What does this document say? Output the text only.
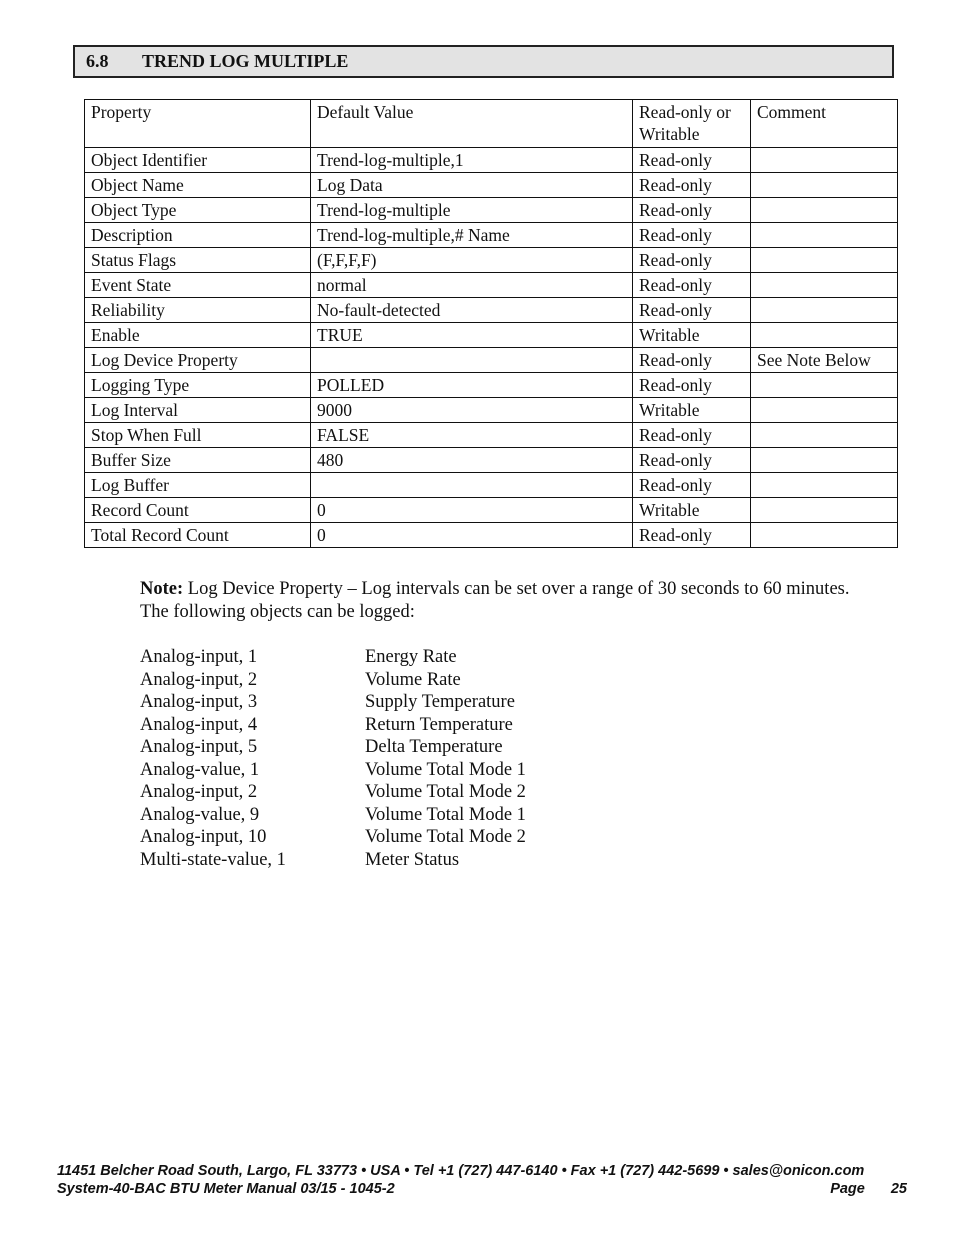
6.8	TREND LOG MULTIPLE
Property	Default Value	Read-only or Writable	Comment
Object Identifier	Trend-log-multiple,1	Read-only	
Object Name	Log Data	Read-only	
Object Type	Trend-log-multiple	Read-only	
Description	Trend-log-multiple,# Name	Read-only	
Status Flags	(F,F,F,F)	Read-only	
Event State	normal	Read-only	
Reliability	No-fault-detected	Read-only	
Enable	TRUE	Writable	
Log Device Property		Read-only	See Note Below
Logging Type	POLLED	Read-only	
Log Interval	9000	Writable	
Stop When Full	FALSE	Read-only	
Buffer Size	480	Read-only	
Log Buffer		Read-only	
Record Count	0	Writable	
Total Record Count	0	Read-only	
Note: Log Device Property – Log intervals can be set over a range of 30 seconds to 60 minutes. The following objects can be logged:
Analog-input, 1	Energy Rate
Analog-input, 2	Volume Rate
Analog-input, 3	Supply Temperature
Analog-input, 4	Return Temperature
Analog-input, 5	Delta Temperature
Analog-value, 1	Volume Total Mode 1
Analog-input, 2	Volume Total Mode 2
Analog-value, 9	Volume Total Mode 1
Analog-input, 10	Volume Total Mode 2
Multi-state-value, 1	Meter Status
11451 Belcher Road South, Largo, FL 33773 • USA • Tel +1 (727) 447-6140 • Fax +1 (727) 442-5699 • sales@onicon.com
System-40-BAC BTU Meter Manual 03/15 - 1045-2	Page 25
